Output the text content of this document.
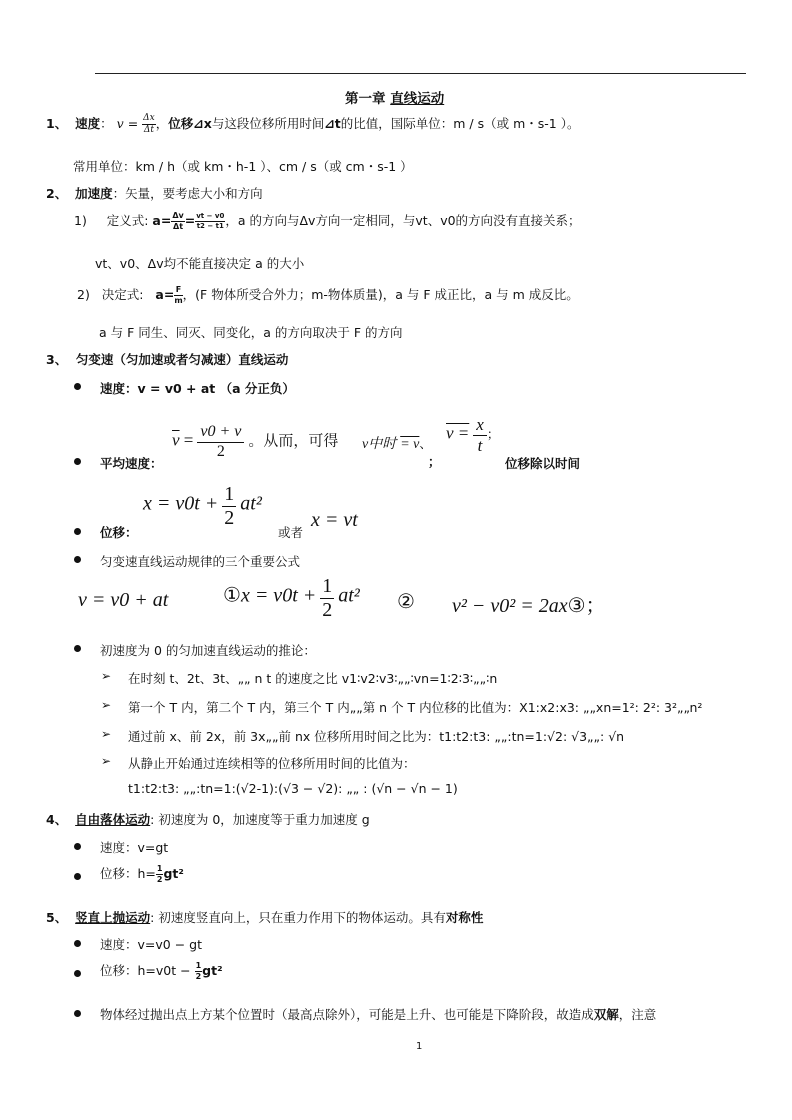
第一章 直线运动
1、 速度： $v = \frac{\Delta x}{\Delta t}$ ，位移⊿x与这段位移所用时间⊿t的比值，国际单位：m / s（或 m・s-1 ）。
常用单位：km / h（或 km・h-1 ）、cm / s（或 cm・s-1 ）
2、 加速度：矢量，要考虑大小和方向
1) 定义式: $a= \frac{\Delta v}{\Delta t} = \frac{vt - v0}{t2 - t1}$ ，a 的方向与Δv方向一定相同，与vt、v0的方向没有直接关系；
vt、v0、Δv均不能直接决定 a 的大小
2) 决定式: $a= \frac{F}{m}$ ，(F 物体所受合外力；m-物体质量)，a 与 F 成正比，a 与 m 成反比。
a 与 F 同生、同灭、同变化，a 的方向取决于 F 的方向
3、 匀变速（匀加速或者匀减速）直线运动
速度：v = v0 + at （a 分正负）
$\overline{v} = \frac{v0 + v}{2}$ 。从而，可得 v中时 = v、
$v = \frac{x}{t}$ ；
平均速度：	；	位移除以时间
$x = v0t + \frac{1}{2} at^2$
位移：	或者
x = vt
匀变速直线运动规律的三个重要公式
v = v0 + at	①x = $v0t + \frac{1}{2} at^2$ ② v² − v0² = 2ax③；
初速度为 0 的匀加速直线运动的推论：
➢ 在时刻 t、2t、3t、„„ n t 的速度之比 v1∶v2∶v3∶„„∶vn=1∶2∶3∶„„∶n
➢ 第一个 T 内，第二个 T 内，第三个 T 内„„第 n 个 T 内位移的比值为：X1:x2:x3: „„xn=1²: 2²: 3²„„n²
➢ 通过前 x、前 2x，前 3x„„前 nx 位移所用时间之比为：t1:t2:t3: „„:tn=1:√2: √3„„: √n
➢ 从静止开始通过连续相等的位移所用时间的比值为：
t1:t2:t3: „„:tn=1:(√2-1):(√3 − √2): „„ : (√n − √n − 1)
4、 自由落体运动: 初速度为 0，加速度等于重力加速度 g
速度：v=gt
位移：$h= \frac{1}{2} gt^2$
5、 竖直上抛运动: 初速度竖直向上，只在重力作用下的物体运动。具有对称性
速度：v=v0 − gt
位移：$h=v0t - \frac{1}{2} gt^2$
物体经过抛出点上方某个位置时（最高点除外），可能是上升、也可能是下降阶段，故造成双解，注意
1
